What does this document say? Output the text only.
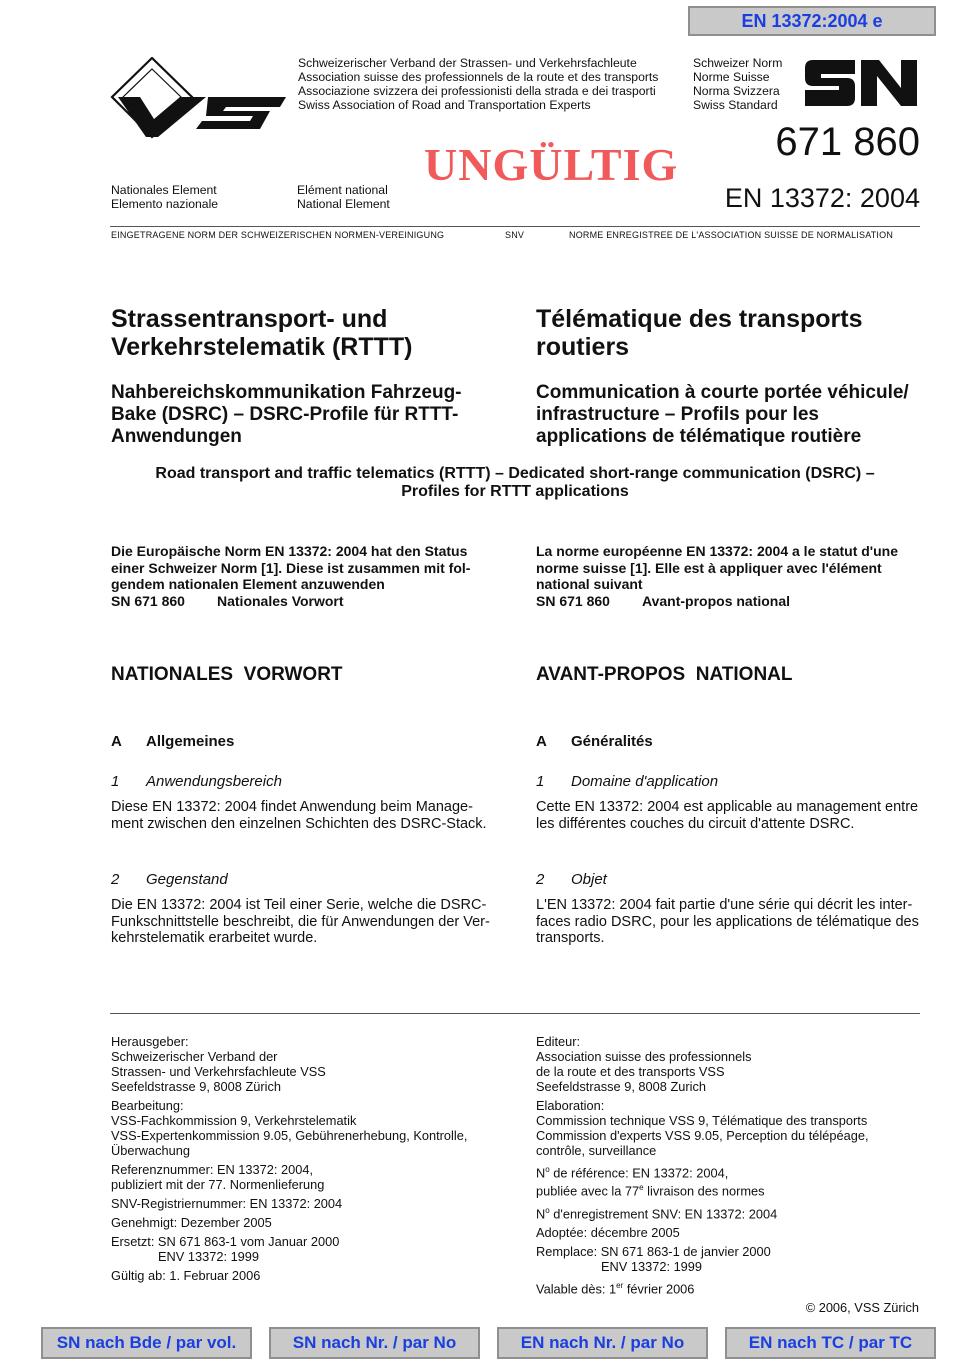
EN 13372:2004 e
Schweizerischer Verband der Strassen- und Verkehrsfachleute
Association suisse des professionnels de la route et des transports
Associazione svizzera dei professionisti della strada e dei trasporti
Swiss Association of Road and Transportation Experts
Schweizer Norm
Norme Suisse
Norma Svizzera
Swiss Standard
671 860
UNGÜLTIG
EN 13372: 2004
Nationales Element
Elemento nazionale
Elément national
National Element
EINGETRAGENE NORM DER SCHWEIZERISCHEN NORMEN-VEREINIGUNG	SNV	NORME ENREGISTREE DE L'ASSOCIATION SUISSE DE NORMALISATION
Strassentransport- und
Verkehrstelematik (RTTT)
Télématique des transports
routiers
Nahbereichskommunikation Fahrzeug-
Bake (DSRC) – DSRC-Profile für RTTT-
Anwendungen
Communication à courte portée véhicule/
infrastructure – Profils pour les
applications de télématique routière
Road transport and traffic telematics (RTTT) – Dedicated short-range communication (DSRC) –
Profiles for RTTT applications
Die Europäische Norm EN 13372: 2004 hat den Status
einer Schweizer Norm [1]. Diese ist zusammen mit fol-
gendem nationalen Element anzuwenden
SN 671 860 Nationales Vorwort
La norme européenne EN 13372: 2004 a le statut d'une
norme suisse [1]. Elle est à appliquer avec l'élément
national suivant
SN 671 860 Avant-propos national
NATIONALES  VORWORT	AVANT-PROPOS  NATIONAL
A Allgemeines	A Généralités
1 Anwendungsbereich	1 Domaine d'application
Diese EN 13372: 2004 findet Anwendung beim Manage-
ment zwischen den einzelnen Schichten des DSRC-Stack.
Cette EN 13372: 2004 est applicable au management entre
les différentes couches du circuit d'attente DSRC.
2 Gegenstand	2 Objet
Die EN 13372: 2004 ist Teil einer Serie, welche die DSRC-
Funkschnittstelle beschreibt, die für Anwendungen der Ver-
kehrstelematik erarbeitet wurde.
L'EN 13372: 2004 fait partie d'une série qui décrit les inter-
faces radio DSRC, pour les applications de télématique des
transports.

Herausgeber:
Schweizerischer Verband der
Strassen- und Verkehrsfachleute VSS
Seefeldstrasse 9, 8008 Zürich

Bearbeitung:
VSS-Fachkommission 9, Verkehrstelematik
VSS-Expertenkommission 9.05, Gebührenerhebung, Kontrolle,
Überwachung

Referenznummer: EN 13372: 2004,
publiziert mit der 77. Normenlieferung

SNV-Registriernummer: EN 13372: 2004

Genehmigt: Dezember 2005

Ersetzt: SN 671 863-1 vom Januar 2000
ENV 13372: 1999

Gültig ab: 1. Februar 2006

Editeur:
Association suisse des professionnels
de la route et des transports VSS
Seefeldstrasse 9, 8008 Zurich

Elaboration:
Commission technique VSS 9, Télématique des transports
Commission d'experts VSS 9.05, Perception du télépéage,
contrôle, surveillance

$N^o$ de référence: EN 13372: 2004,
publiée avec la 77e livraison des normes

$N^o$ d'enregistrement SNV: EN 13372: 2004

Adoptée: décembre 2005

Remplace: SN 671 863-1 de janvier 2000
ENV 13372: 1999

Valable dès: 1er février 2006

© 2006, VSS Zürich
SN nach Bde / par vol.	SN nach Nr. / par No	EN nach Nr. / par No	EN nach TC / par TC
